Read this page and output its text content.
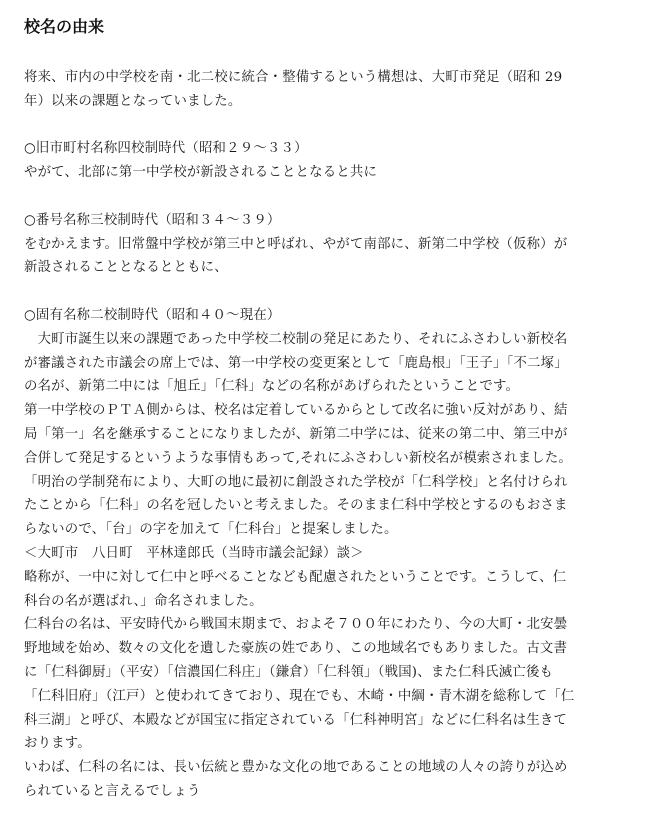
校名の由来
将来、市内の中学校を南・北二校に統合・整備するという構想は、大町市発足（昭和 29
年）以来の課題となっていました。
○旧市町村名称四校制時代（昭和２９～３３）
やがて、北部に第一中学校が新設されることとなると共に
○番号名称三校制時代（昭和３４～３９）
をむかえます。旧常盤中学校が第三中と呼ばれ、やがて南部に、新第二中学校（仮称）が
新設されることとなるとともに、
○固有名称二校制時代（昭和４０～現在）
　大町市誕生以来の課題であった中学校二校制の発足にあたり、それにふさわしい新校名
が審議された市議会の席上では、第一中学校の変更案として「鹿島根」「王子」「不二塚」
の名が、新第二中には「旭丘」「仁科」などの名称があげられたということです。
第一中学校のＰＴＡ側からは、校名は定着しているからとして改名に強い反対があり、結
局「第一」名を継承することになりましたが、新第二中学には、従来の第二中、第三中が
合併して発足するというような事情もあって,それにふさわしい新校名が模索されました。
「明治の学制発布により、大町の地に最初に創設された学校が「仁科学校」と名付けられ
たことから「仁科」の名を冠したいと考えました。そのまま仁科中学校とするのもおさま
らないので、「台」の字を加えて「仁科台」と提案しました。
＜大町市　八日町　平林達郎氏（当時市議会記録）談＞
略称が、一中に対して仁中と呼べることなども配慮されたということです。こうして、仁
科台の名が選ばれ、」命名されました。
仁科台の名は、平安時代から戦国末期まで、およそ７００年にわたり、今の大町・北安曇
野地域を始め、数々の文化を遺した豪族の姓であり、この地域名でもありました。古文書
に「仁科御厨」（平安）「信濃国仁科庄」（鎌倉）「仁科領」（戦国)、また仁科氏滅亡後も
「仁科旧府」（江戸）と使われてきており、現在でも、木崎・中綱・青木湖を総称して「仁
科三湖」と呼び、本殿などが国宝に指定されている「仁科神明宮」などに仁科名は生きて
おります。
いわば、仁科の名には、長い伝統と豊かな文化の地であることの地域の人々の誇りが込め
られていると言えるでしょう
